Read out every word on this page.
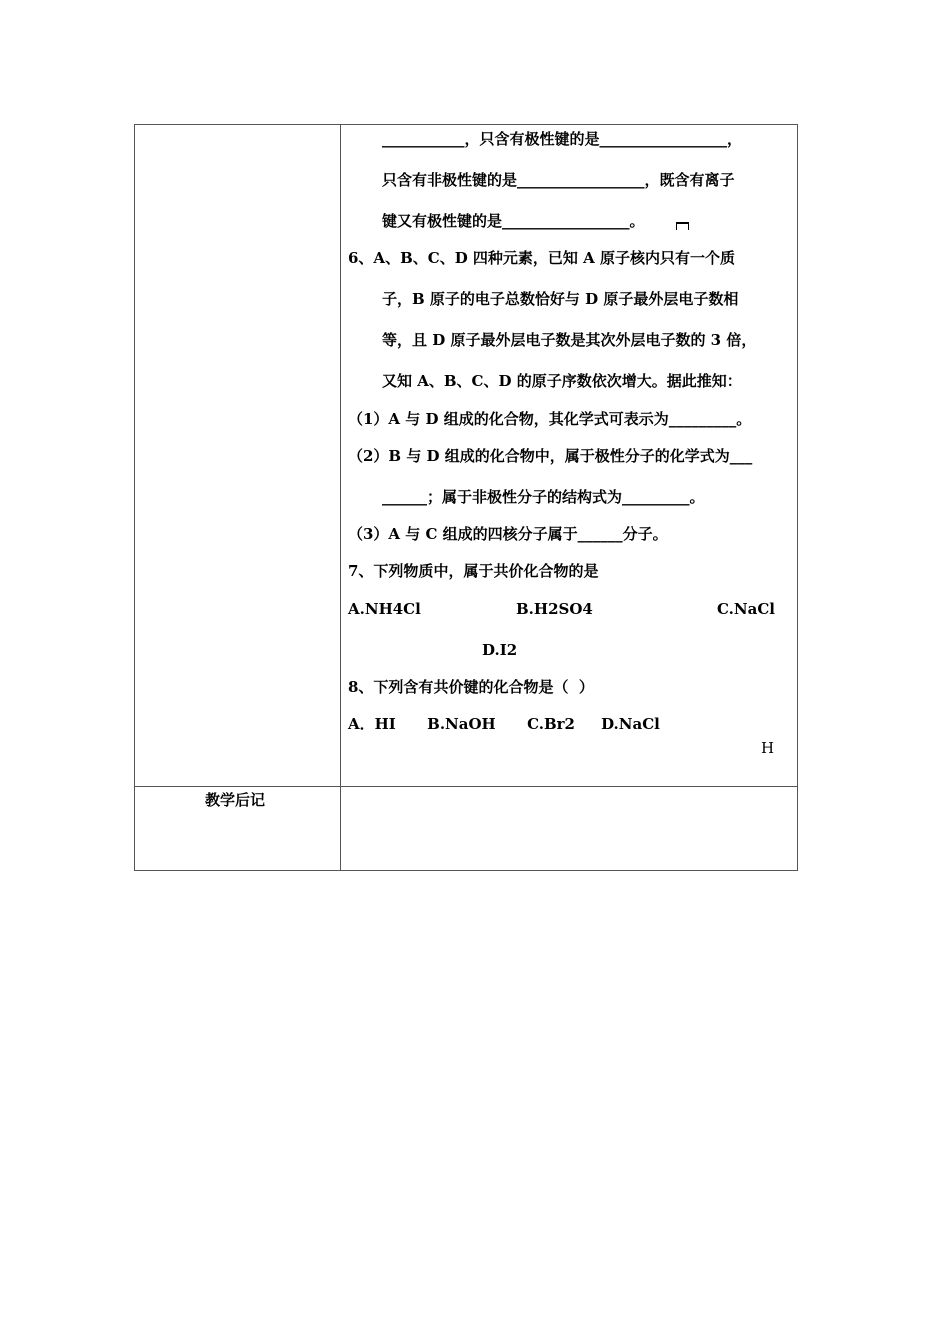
___________，只含有极性键的是_________________，
只含有非极性键的是_________________，既含有离子
键又有极性键的是_________________。
6、A、B、C、D 四种元素，已知 A 原子核内只有一个质
子，B 原子的电子总数恰好与 D 原子最外层电子数相
等，且 D 原子最外层电子数是其次外层电子数的 3 倍，
又知 A、B、C、D 的原子序数依次增大。据此推知：
（1）A 与 D 组成的化合物，其化学式可表示为_________。
（2）B 与 D 组成的化合物中，属于极性分子的化学式为___
______；属于非极性分子的结构式为_________。
（3）A 与 C 组成的四核分子属于______分子。
7、下列物质中，属于共价化合物的是
A.NH4Cl	B.H2SO4	C.NaCl
D.I2
8、下列含有共价键的化合物是（  ）
A．HI      B.NaOH      C.Br2     D.NaCl
H
教学后记
